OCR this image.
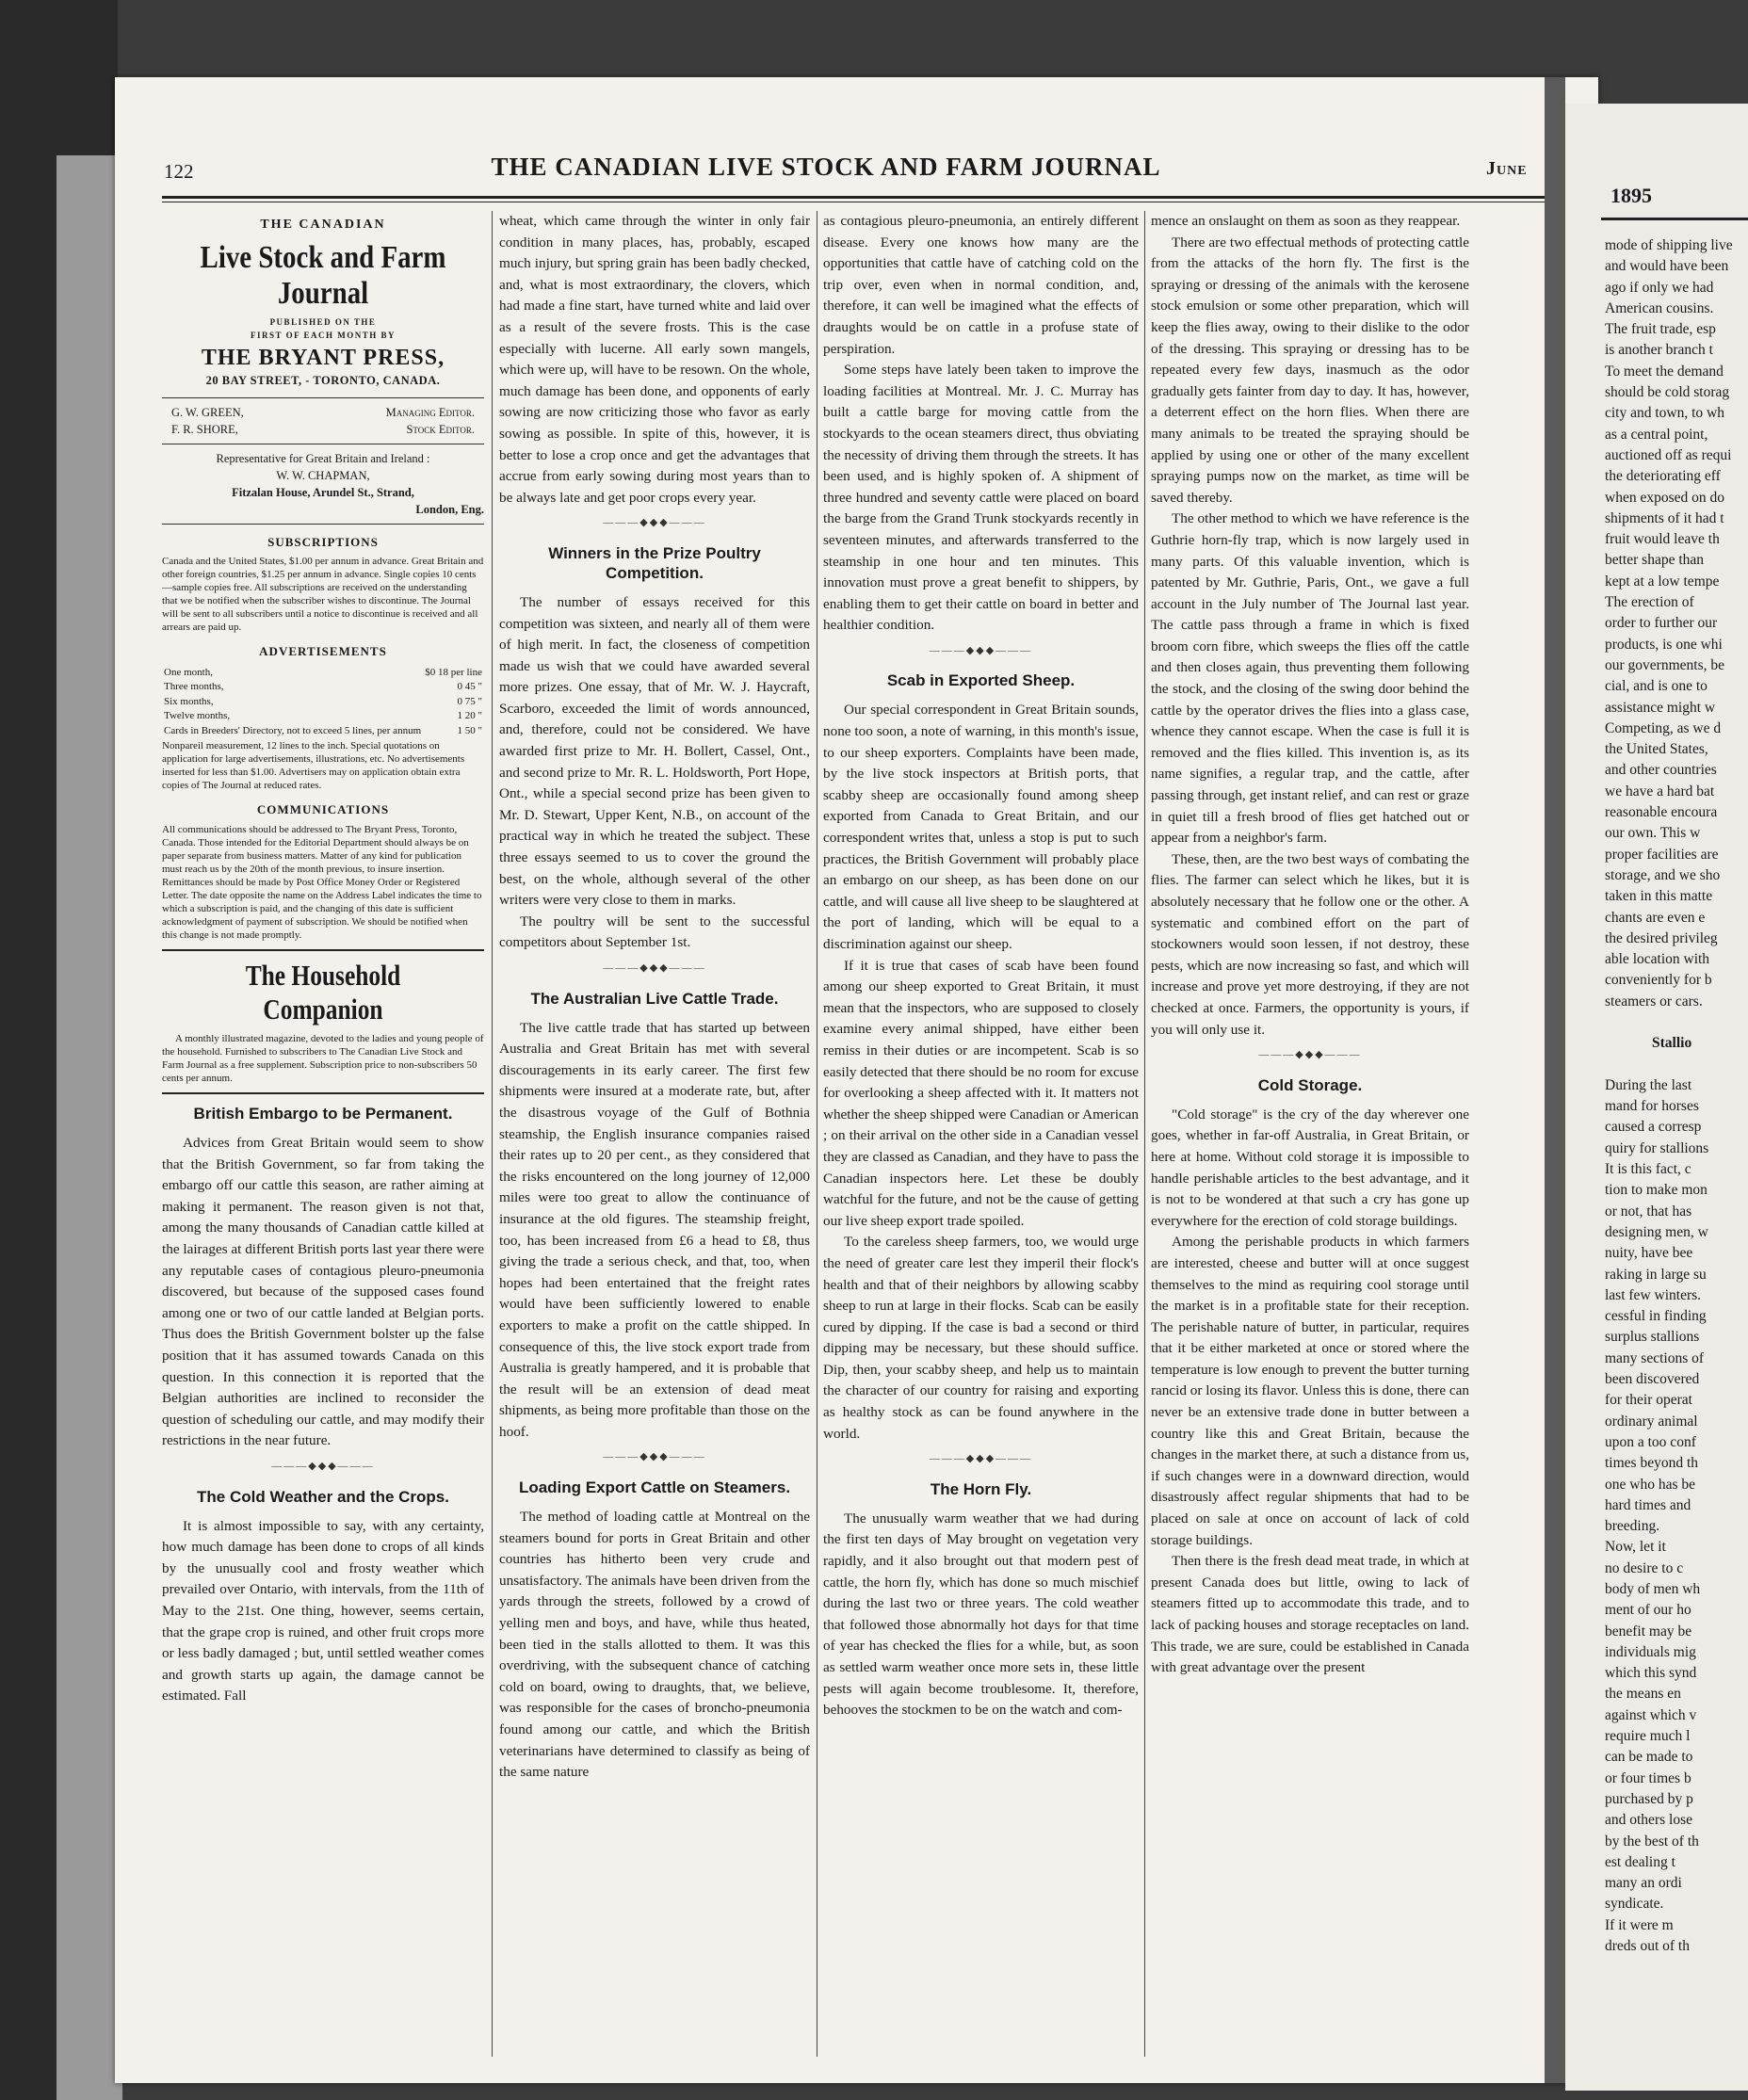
122	THE CANADIAN LIVE STOCK AND FARM JOURNAL	June
THE CANADIAN
Live Stock and Farm Journal
PUBLISHED ON THE
FIRST OF EACH MONTH BY
THE BRYANT PRESS,
20 BAY STREET, - TORONTO, CANADA.
G. W. GREEN,	Managing Editor.
F. R. SHORE,	Stock Editor.
Representative for Great Britain and Ireland :
W. W. CHAPMAN,
Fitzalan House, Arundel St., Strand,
London, Eng.
SUBSCRIPTIONS
Canada and the United States, $1.00 per annum in advance. Great Britain and other foreign countries, $1.25 per annum in advance. Single copies 10 cents—sample copies free. All subscriptions are received on the understanding that we be notified when the subscriber wishes to discontinue. The Journal will be sent to all subscribers until a notice to discontinue is received and all arrears are paid up.
ADVERTISEMENTS
One month,	$0 18 per line
Three months,	0 45 "
Six months,	0 75 "
Twelve months,	1 20 "
Cards in Breeders' Directory, not to exceed 5 lines, per annum	1 50 "
Nonpareil measurement, 12 lines to the inch. Special quotations on application for large advertisements, illustrations, etc. No advertisements inserted for less than $1.00. Advertisers may on application obtain extra copies of The Journal at reduced rates.
COMMUNICATIONS
All communications should be addressed to The Bryant Press, Toronto, Canada. Those intended for the Editorial Department should always be on paper separate from business matters. Matter of any kind for publication must reach us by the 20th of the month previous, to insure insertion. Remittances should be made by Post Office Money Order or Registered Letter. The date opposite the name on the Address Label indicates the time to which a subscription is paid, and the changing of this date is sufficient acknowledgment of payment of subscription. We should be notified when this change is not made promptly.
The Household Companion
A monthly illustrated magazine, devoted to the ladies and young people of the household. Furnished to subscribers to The Canadian Live Stock and Farm Journal as a free supplement. Subscription price to non-subscribers 50 cents per annum.
British Embargo to be Permanent.

Advices from Great Britain would seem to show that the British Government, so far from taking the embargo off our cattle this season, are rather aiming at making it permanent. The reason given is not that, among the many thousands of Canadian cattle killed at the lairages at different British ports last year there were any reputable cases of contagious pleuro-pneumonia discovered, but because of the supposed cases found among one or two of our cattle landed at Belgian ports. Thus does the British Government bolster up the false position that it has assumed towards Canada on this question. In this connection it is reported that the Belgian authorities are inclined to reconsider the question of scheduling our cattle, and may modify their restrictions in the near future.

———◆◆◆———
The Cold Weather and the Crops.

It is almost impossible to say, with any certainty, how much damage has been done to crops of all kinds by the unusually cool and frosty weather which prevailed over Ontario, with intervals, from the 11th of May to the 21st. One thing, however, seems certain, that the grape crop is ruined, and other fruit crops more or less badly damaged ; but, until settled weather comes and growth starts up again, the damage cannot be estimated. Fall

wheat, which came through the winter in only fair condition in many places, has, probably, escaped much injury, but spring grain has been badly checked, and, what is most extraordinary, the clovers, which had made a fine start, have turned white and laid over as a result of the severe frosts. This is the case especially with lucerne. All early sown mangels, which were up, will have to be resown. On the whole, much damage has been done, and opponents of early sowing are now criticizing those who favor as early sowing as possible. In spite of this, however, it is better to lose a crop once and get the advantages that accrue from early sowing during most years than to be always late and get poor crops every year.

———◆◆◆———
Winners in the Prize Poultry Competition.

The number of essays received for this competition was sixteen, and nearly all of them were of high merit. In fact, the closeness of competition made us wish that we could have awarded several more prizes. One essay, that of Mr. W. J. Haycraft, Scarboro, exceeded the limit of words announced, and, therefore, could not be considered. We have awarded first prize to Mr. H. Bollert, Cassel, Ont., and second prize to Mr. R. L. Holdsworth, Port Hope, Ont., while a special second prize has been given to Mr. D. Stewart, Upper Kent, N.B., on account of the practical way in which he treated the subject. These three essays seemed to us to cover the ground the best, on the whole, although several of the other writers were very close to them in marks.

The poultry will be sent to the successful competitors about September 1st.

———◆◆◆———
The Australian Live Cattle Trade.

The live cattle trade that has started up between Australia and Great Britain has met with several discouragements in its early career. The first few shipments were insured at a moderate rate, but, after the disastrous voyage of the Gulf of Bothnia steamship, the English insurance companies raised their rates up to 20 per cent., as they considered that the risks encountered on the long journey of 12,000 miles were too great to allow the continuance of insurance at the old figures. The steamship freight, too, has been increased from £6 a head to £8, thus giving the trade a serious check, and that, too, when hopes had been entertained that the freight rates would have been sufficiently lowered to enable exporters to make a profit on the cattle shipped. In consequence of this, the live stock export trade from Australia is greatly hampered, and it is probable that the result will be an extension of dead meat shipments, as being more profitable than those on the hoof.

———◆◆◆———
Loading Export Cattle on Steamers.

The method of loading cattle at Montreal on the steamers bound for ports in Great Britain and other countries has hitherto been very crude and unsatisfactory. The animals have been driven from the yards through the streets, followed by a crowd of yelling men and boys, and have, while thus heated, been tied in the stalls allotted to them. It was this overdriving, with the subsequent chance of catching cold on board, owing to draughts, that, we believe, was responsible for the cases of broncho-pneumonia found among our cattle, and which the British veterinarians have determined to classify as being of the same nature

as contagious pleuro-pneumonia, an entirely different disease. Every one knows how many are the opportunities that cattle have of catching cold on the trip over, even when in normal condition, and, therefore, it can well be imagined what the effects of draughts would be on cattle in a profuse state of perspiration.

Some steps have lately been taken to improve the loading facilities at Montreal. Mr. J. C. Murray has built a cattle barge for moving cattle from the stockyards to the ocean steamers direct, thus obviating the necessity of driving them through the streets. It has been used, and is highly spoken of. A shipment of three hundred and seventy cattle were placed on board the barge from the Grand Trunk stockyards recently in seventeen minutes, and afterwards transferred to the steamship in one hour and ten minutes. This innovation must prove a great benefit to shippers, by enabling them to get their cattle on board in better and healthier condition.

———◆◆◆———
Scab in Exported Sheep.

Our special correspondent in Great Britain sounds, none too soon, a note of warning, in this month's issue, to our sheep exporters. Complaints have been made, by the live stock inspectors at British ports, that scabby sheep are occasionally found among sheep exported from Canada to Great Britain, and our correspondent writes that, unless a stop is put to such practices, the British Government will probably place an embargo on our sheep, as has been done on our cattle, and will cause all live sheep to be slaughtered at the port of landing, which will be equal to a discrimination against our sheep.

If it is true that cases of scab have been found among our sheep exported to Great Britain, it must mean that the inspectors, who are supposed to closely examine every animal shipped, have either been remiss in their duties or are incompetent. Scab is so easily detected that there should be no room for excuse for overlooking a sheep affected with it. It matters not whether the sheep shipped were Canadian or American ; on their arrival on the other side in a Canadian vessel they are classed as Canadian, and they have to pass the Canadian inspectors here. Let these be doubly watchful for the future, and not be the cause of getting our live sheep export trade spoiled.

To the careless sheep farmers, too, we would urge the need of greater care lest they imperil their flock's health and that of their neighbors by allowing scabby sheep to run at large in their flocks. Scab can be easily cured by dipping. If the case is bad a second or third dipping may be necessary, but these should suffice. Dip, then, your scabby sheep, and help us to maintain the character of our country for raising and exporting as healthy stock as can be found anywhere in the world.

———◆◆◆———
The Horn Fly.

The unusually warm weather that we had during the first ten days of May brought on vegetation very rapidly, and it also brought out that modern pest of cattle, the horn fly, which has done so much mischief during the last two or three years. The cold weather that followed those abnormally hot days for that time of year has checked the flies for a while, but, as soon as settled warm weather once more sets in, these little pests will again become troublesome. It, therefore, behooves the stockmen to be on the watch and com-

mence an onslaught on them as soon as they reappear.

There are two effectual methods of protecting cattle from the attacks of the horn fly. The first is the spraying or dressing of the animals with the kerosene stock emulsion or some other preparation, which will keep the flies away, owing to their dislike to the odor of the dressing. This spraying or dressing has to be repeated every few days, inasmuch as the odor gradually gets fainter from day to day. It has, however, a deterrent effect on the horn flies. When there are many animals to be treated the spraying should be applied by using one or other of the many excellent spraying pumps now on the market, as time will be saved thereby.

The other method to which we have reference is the Guthrie horn-fly trap, which is now largely used in many parts. Of this valuable invention, which is patented by Mr. Guthrie, Paris, Ont., we gave a full account in the July number of The Journal last year. The cattle pass through a frame in which is fixed broom corn fibre, which sweeps the flies off the cattle and then closes again, thus preventing them following the stock, and the closing of the swing door behind the cattle by the operator drives the flies into a glass case, whence they cannot escape. When the case is full it is removed and the flies killed. This invention is, as its name signifies, a regular trap, and the cattle, after passing through, get instant relief, and can rest or graze in quiet till a fresh brood of flies get hatched out or appear from a neighbor's farm.

These, then, are the two best ways of combating the flies. The farmer can select which he likes, but it is absolutely necessary that he follow one or the other. A systematic and combined effort on the part of stockowners would soon lessen, if not destroy, these pests, which are now increasing so fast, and which will increase and prove yet more destroying, if they are not checked at once. Farmers, the opportunity is yours, if you will only use it.

———◆◆◆———
Cold Storage.

"Cold storage" is the cry of the day wherever one goes, whether in far-off Australia, in Great Britain, or here at home. Without cold storage it is impossible to handle perishable articles to the best advantage, and it is not to be wondered at that such a cry has gone up everywhere for the erection of cold storage buildings.

Among the perishable products in which farmers are interested, cheese and butter will at once suggest themselves to the mind as requiring cool storage until the market is in a profitable state for their reception. The perishable nature of butter, in particular, requires that it be either marketed at once or stored where the temperature is low enough to prevent the butter turning rancid or losing its flavor. Unless this is done, there can never be an extensive trade done in butter between a country like this and Great Britain, because the changes in the market there, at such a distance from us, if such changes were in a downward direction, would disastrously affect regular shipments that had to be placed on sale at once on account of lack of cold storage buildings.

Then there is the fresh dead meat trade, in which at present Canada does but little, owing to lack of steamers fitted up to accommodate this trade, and to lack of packing houses and storage receptacles on land. This trade, we are sure, could be established in Canada with great advantage over the present

1895
mode of shipping live
and would have been
ago if only we had
American cousins.
The fruit trade, esp
is another branch t
To meet the demand
should be cold storag
city and town, to wh
as a central point,
auctioned off as requi
the deteriorating eff
when exposed on do
shipments of it had t
fruit would leave th
better shape than
kept at a low tempe
The erection of
order to further our
products, is one whi
our governments, be
cial, and is one to
assistance might w
Competing, as we d
the United States,
and other countries
we have a hard bat
reasonable encoura
our own. This w
proper facilities are
storage, and we sho
taken in this matte
chants are even e
the desired privileg
able location with
conveniently for b
steamers or cars.
Stallio
During the last
mand for horses
caused a corresp
quiry for stallions
It is this fact, c
tion to make mon
or not, that has
designing men, w
nuity, have bee
raking in large su
last few winters.
cessful in finding
surplus stallions
many sections of
been discovered
for their operat
ordinary animal
upon a too conf
times beyond th
one who has be
hard times and
breeding.
Now, let it
no desire to c
body of men wh
ment of our ho
benefit may be
individuals mig
which this synd
the means en
against which v
require much l
can be made to
or four times b
purchased by p
and others lose
by the best of th
est dealing t
many an ordi
syndicate.
If it were m
dreds out of th
